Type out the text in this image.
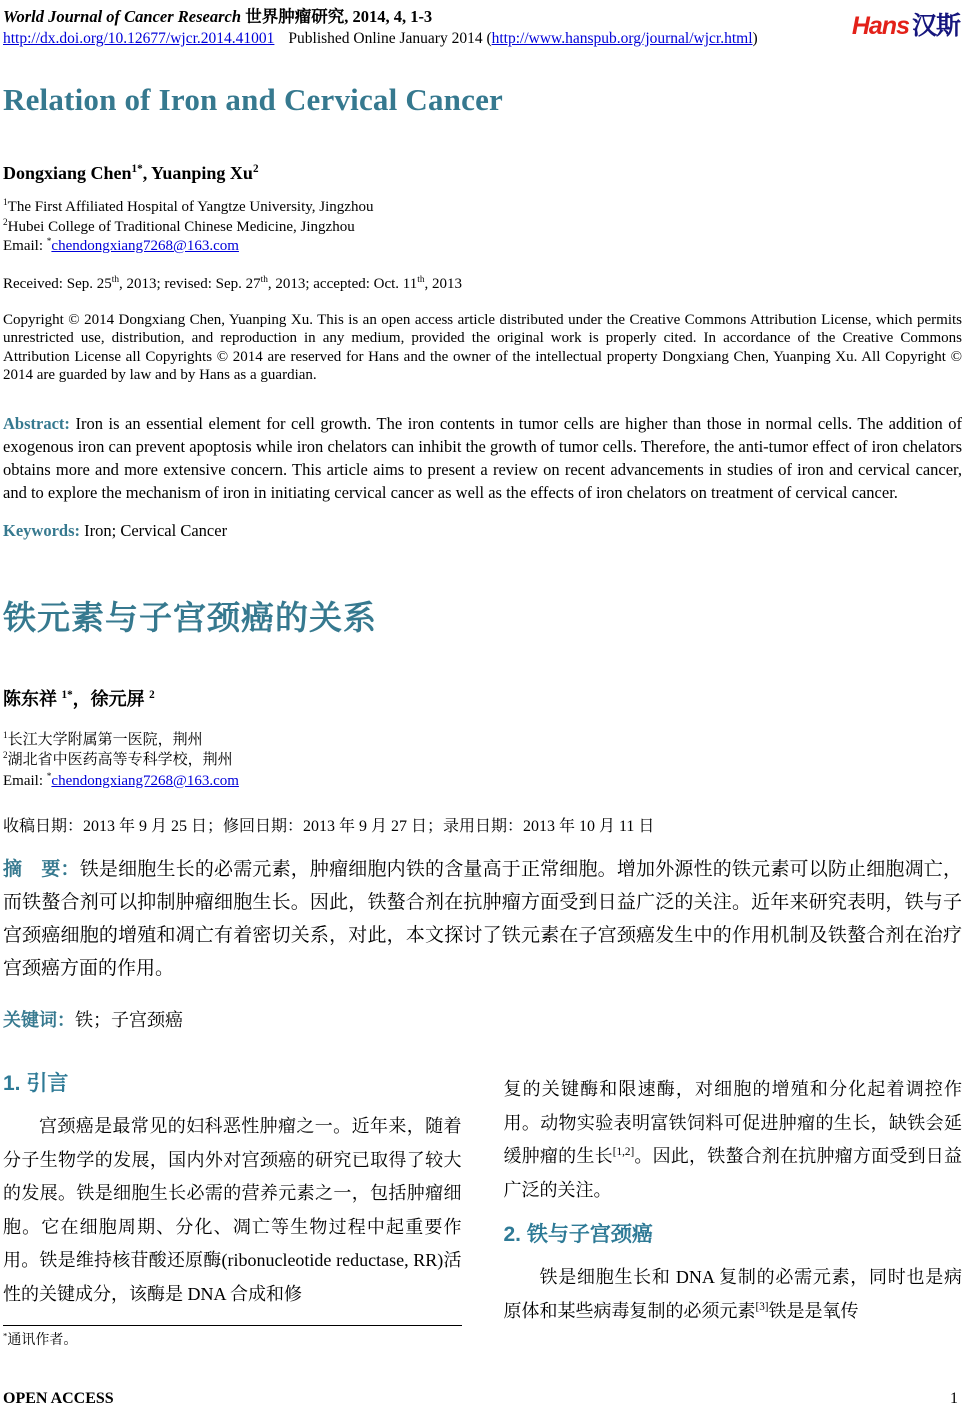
World Journal of Cancer Research 世界肿瘤研究, 2014, 4, 1-3
http://dx.doi.org/10.12677/wjcr.2014.41001 Published Online January 2014 (http://www.hanspub.org/journal/wjcr.html)	Hans 汉斯
Relation of Iron and Cervical Cancer
Dongxiang Chen$^{1*}$, Yuanping Xu$^2$
$^1$The First Affiliated Hospital of Yangtze University, Jingzhou
$^2$Hubei College of Traditional Chinese Medicine, Jingzhou
Email: *chendongxiang7268@163.com
Received: Sep. 25th, 2013; revised: Sep. 27th, 2013; accepted: Oct. 11th, 2013
Copyright © 2014 Dongxiang Chen, Yuanping Xu. This is an open access article distributed under the Creative Commons Attribution License, which permits unrestricted use, distribution, and reproduction in any medium, provided the original work is properly cited. In accordance of the Creative Commons Attribution License all Copyrights © 2014 are reserved for Hans and the owner of the intellectual property Dongxiang Chen, Yuanping Xu. All Copyright © 2014 are guarded by law and by Hans as a guardian.
Abstract: Iron is an essential element for cell growth. The iron contents in tumor cells are higher than those in normal cells. The addition of exogenous iron can prevent apoptosis while iron chelators can inhibit the growth of tumor cells. Therefore, the anti-tumor effect of iron chelators obtains more and more extensive concern. This article aims to present a review on recent advancements in studies of iron and cervical cancer, and to explore the mechanism of iron in initiating cervical cancer as well as the effects of iron chelators on treatment of cervical cancer.
Keywords: Iron; Cervical Cancer
铁元素与子宫颈癌的关系
陈东祥 $^{1*}$，徐元屏 $^2$
$^1$长江大学附属第一医院，荆州
$^2$湖北省中医药高等专科学校，荆州
Email: *chendongxiang7268@163.com
收稿日期：2013 年 9 月 25 日；修回日期：2013 年 9 月 27 日；录用日期：2013 年 10 月 11 日
摘　要：铁是细胞生长的必需元素，肿瘤细胞内铁的含量高于正常细胞。增加外源性的铁元素可以防止细胞凋亡，而铁螯合剂可以抑制肿瘤细胞生长。因此，铁螯合剂在抗肿瘤方面受到日益广泛的关注。近年来研究表明，铁与子宫颈癌细胞的增殖和凋亡有着密切关系，对此，本文探讨了铁元素在子宫颈癌发生中的作用机制及铁螯合剂在治疗宫颈癌方面的作用。
关键词：铁；子宫颈癌
1. 引言

宫颈癌是最常见的妇科恶性肿瘤之一。近年来，随着分子生物学的发展，国内外对宫颈癌的研究已取得了较大的发展。铁是细胞生长必需的营养元素之一，包括肿瘤细胞。它在细胞周期、分化、凋亡等生物过程中起重要作用。铁是维持核苷酸还原酶(ribonucleotide reductase, RR)活性的关键成分，该酶是 DNA 合成和修

*通讯作者。

复的关键酶和限速酶，对细胞的增殖和分化起着调控作用。动物实验表明富铁饲料可促进肿瘤的生长，缺铁会延缓肿瘤的生长[1,2]。因此，铁螯合剂在抗肿瘤方面受到日益广泛的关注。

2. 铁与子宫颈癌

铁是细胞生长和 DNA 复制的必需元素，同时也是病原体和某些病毒复制的必须元素[3]铁是是氧传

OPEN ACCESS	1
